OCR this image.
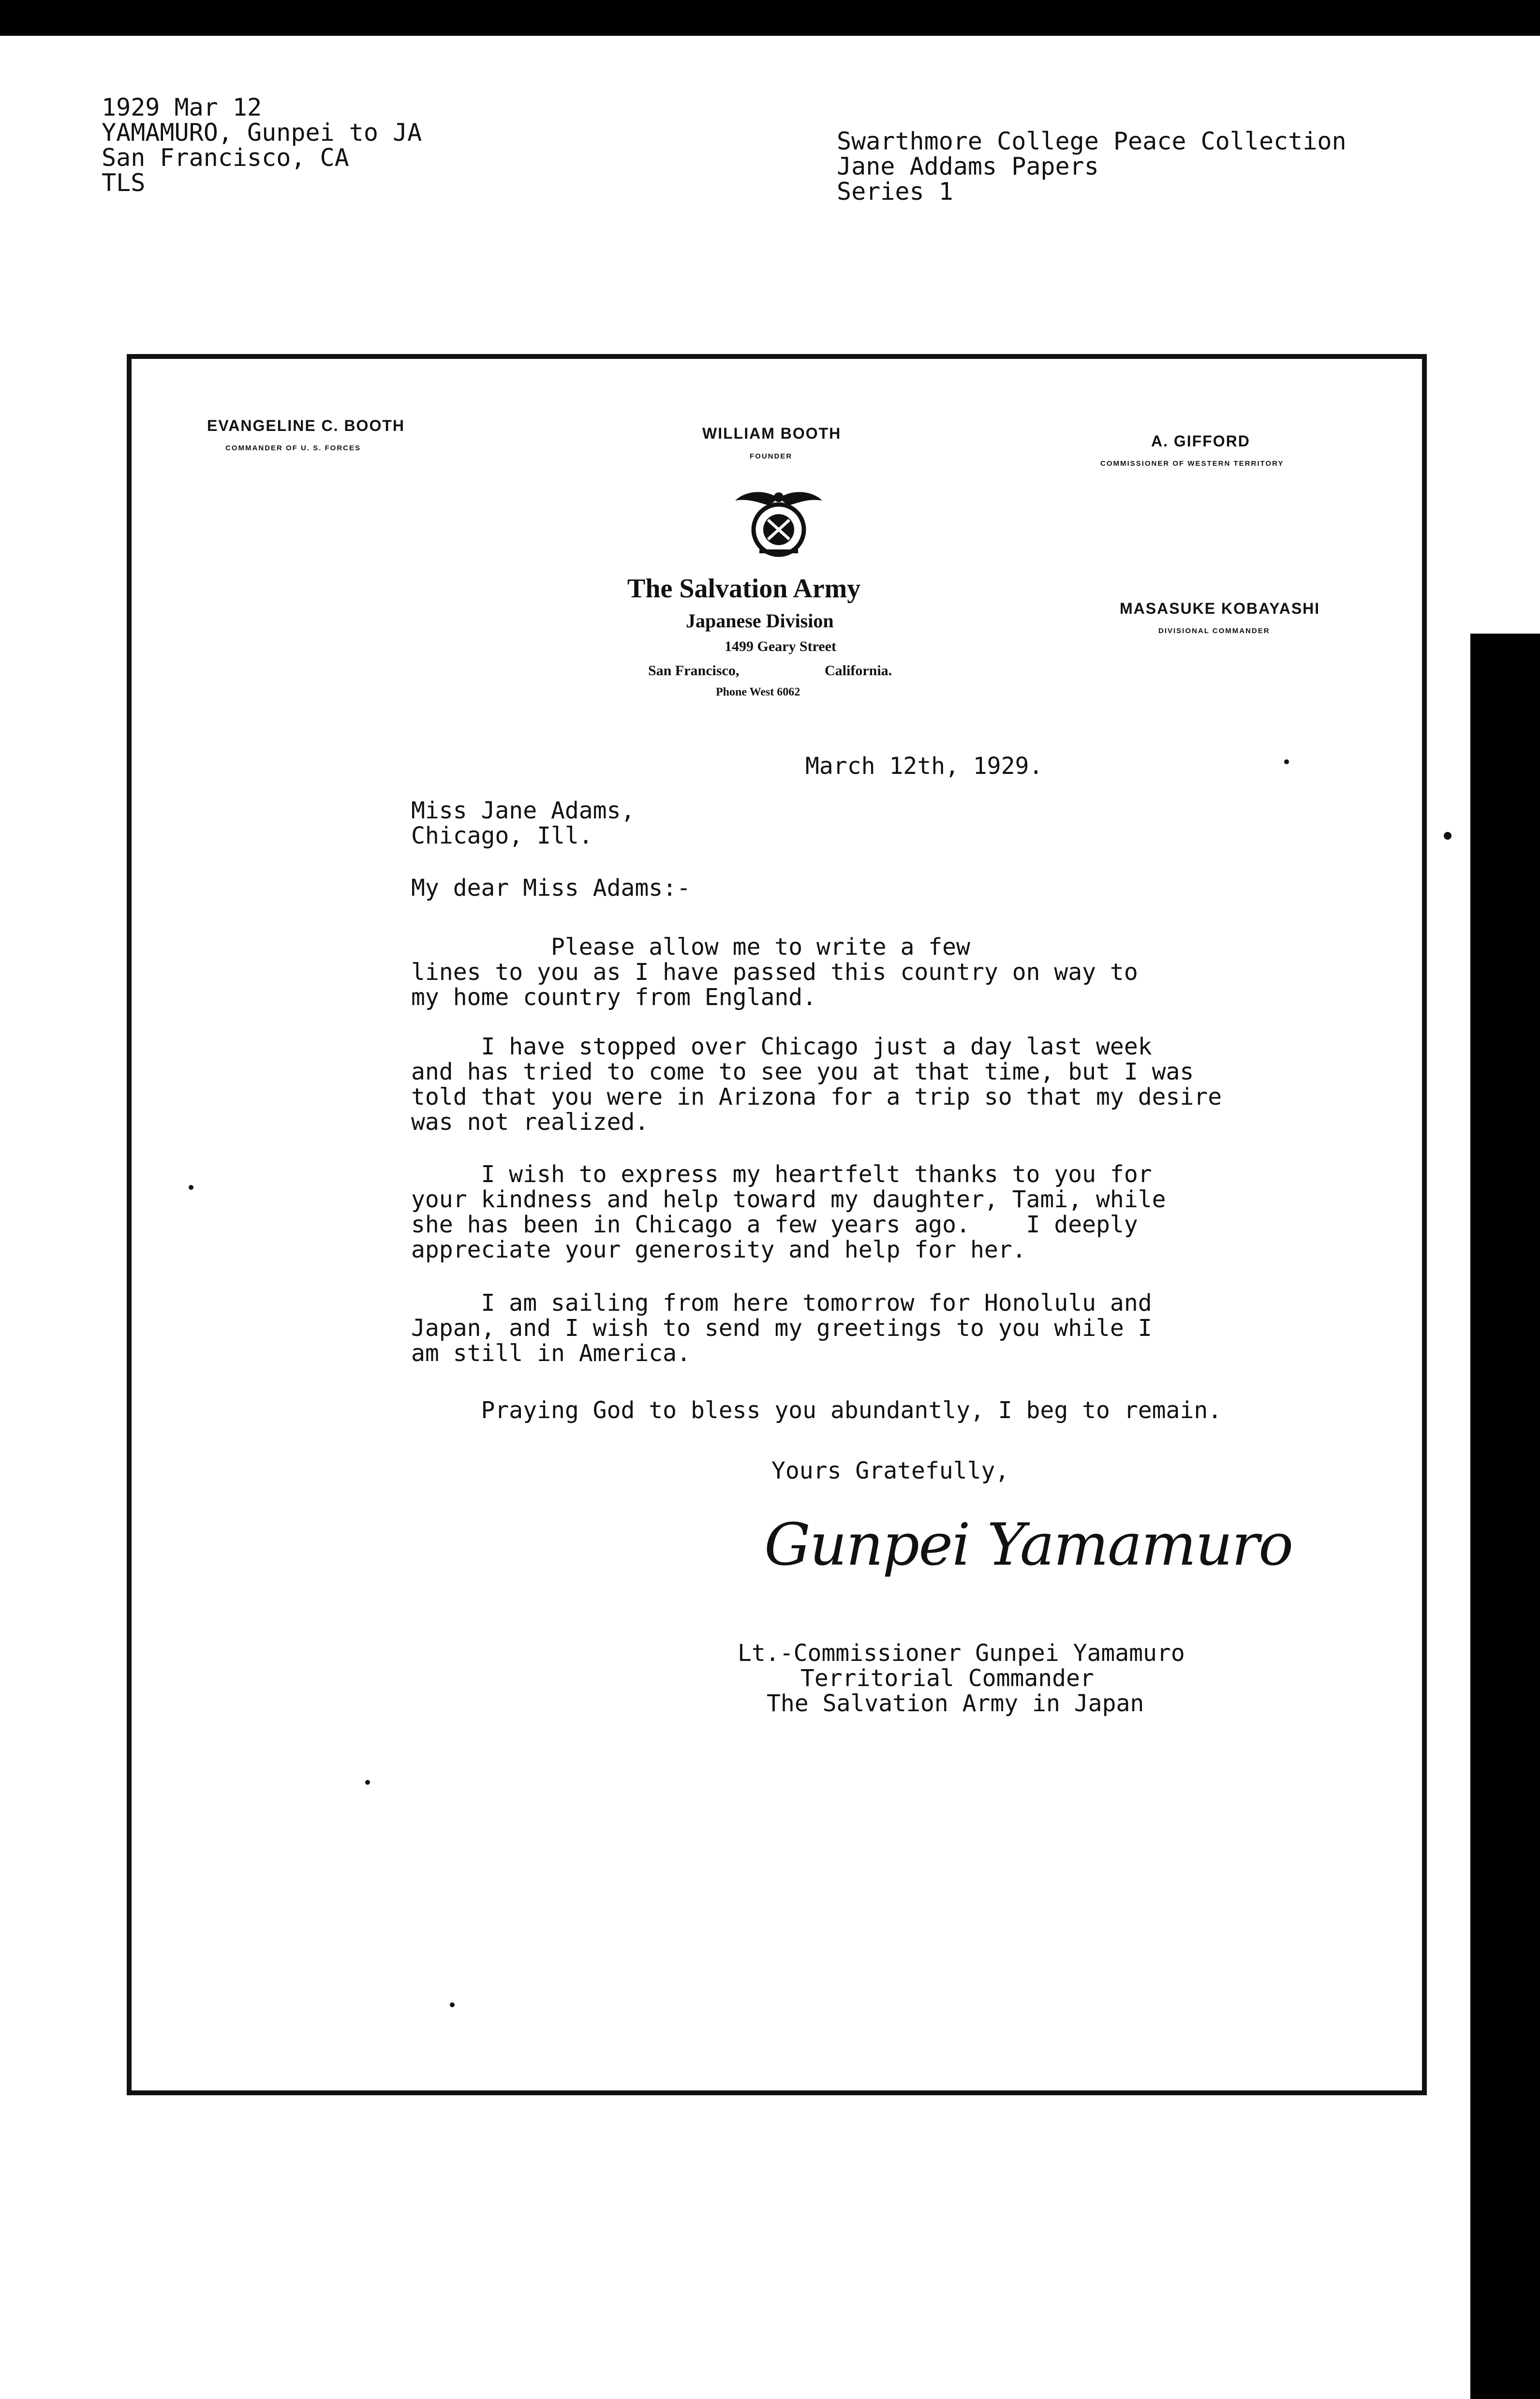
1929 Mar 12
YAMAMURO, Gunpei to JA
San Francisco, CA
TLS
Swarthmore College Peace Collection
Jane Addams Papers
Series 1
EVANGELINE C. BOOTH
COMMANDER OF U. S. FORCES
WILLIAM BOOTH
FOUNDER
A. GIFFORD
COMMISSIONER OF WESTERN TERRITORY
MASASUKE KOBAYASHI
DIVISIONAL COMMANDER
The Salvation Army
Japanese Division
1499 Geary Street
San Francisco,	California.
Phone West 6062
March 12th, 1929.
Miss Jane Adams,
Chicago, Ill.
My dear Miss Adams:-
Please allow me to write a few
lines to you as I have passed this country on way to
my home country from England.
I have stopped over Chicago just a day last week
and has tried to come to see you at that time, but I was
told that you were in Arizona for a trip so that my desire
was not realized.
I wish to express my heartfelt thanks to you for
your kindness and help toward my daughter, Tami, while
she has been in Chicago a few years ago.    I deeply
appreciate your generosity and help for her.
I am sailing from here tomorrow for Honolulu and
Japan, and I wish to send my greetings to you while I
am still in America.
Praying God to bless you abundantly, I beg to remain.
Yours Gratefully,
Gunpei Yamamuro
Lt.-Commissioner Gunpei Yamamuro
Territorial Commander
The Salvation Army in Japan
